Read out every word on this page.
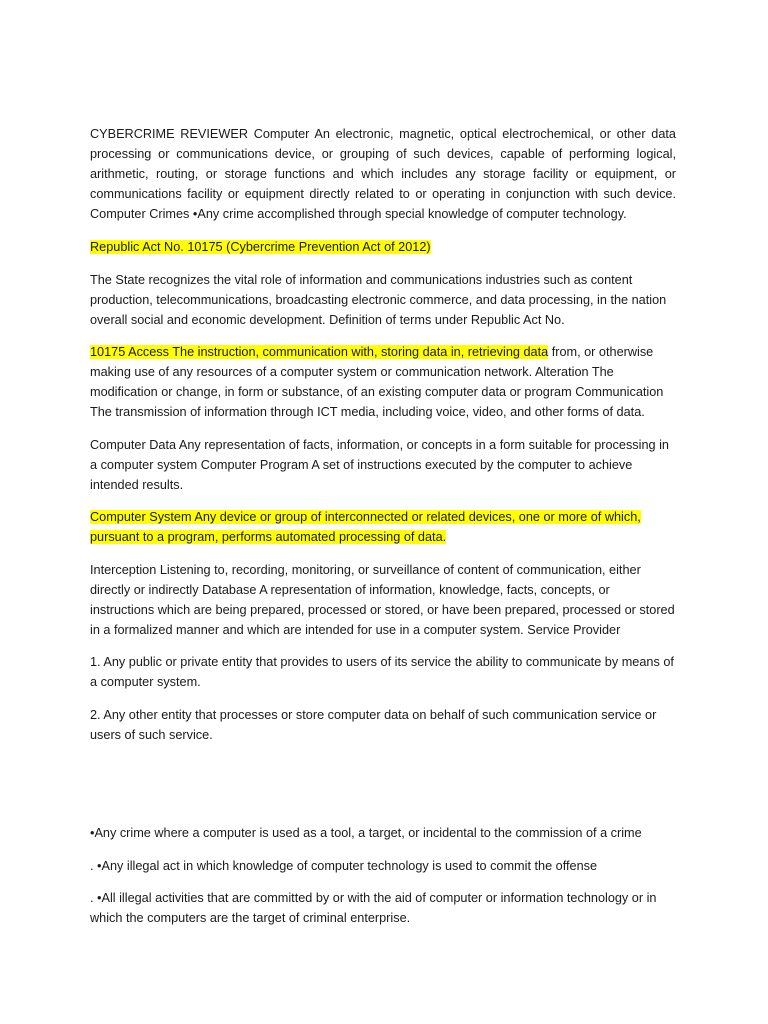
CYBERCRIME REVIEWER Computer An electronic, magnetic, optical electrochemical, or other data processing or communications device, or grouping of such devices, capable of performing logical, arithmetic, routing, or storage functions and which includes any storage facility or equipment, or communications facility or equipment directly related to or operating in conjunction with such device. Computer Crimes •Any crime accomplished through special knowledge of computer technology.

Republic Act No. 10175 (Cybercrime Prevention Act of 2012)

The State recognizes the vital role of information and communications industries such as content production, telecommunications, broadcasting electronic commerce, and data processing, in the nation overall social and economic development. Definition of terms under Republic Act No.

10175 Access The instruction, communication with, storing data in, retrieving data from, or otherwise making use of any resources of a computer system or communication network. Alteration The modification or change, in form or substance, of an existing computer data or program Communication The transmission of information through ICT media, including voice, video, and other forms of data.

Computer Data Any representation of facts, information, or concepts in a form suitable for processing in a computer system Computer Program A set of instructions executed by the computer to achieve intended results.

Computer System Any device or group of interconnected or related devices, one or more of which, pursuant to a program, performs automated processing of data.

Interception Listening to, recording, monitoring, or surveillance of content of communication, either directly or indirectly Database A representation of information, knowledge, facts, concepts, or instructions which are being prepared, processed or stored, or have been prepared, processed or stored in a formalized manner and which are intended for use in a computer system. Service Provider

1. Any public or private entity that provides to users of its service the ability to communicate by means of a computer system.

2. Any other entity that processes or store computer data on behalf of such communication service or users of such service.

•Any crime where a computer is used as a tool, a target, or incidental to the commission of a crime

. •Any illegal act in which knowledge of computer technology is used to commit the offense

. •All illegal activities that are committed by or with the aid of computer or information technology or in which the computers are the target of criminal enterprise.
